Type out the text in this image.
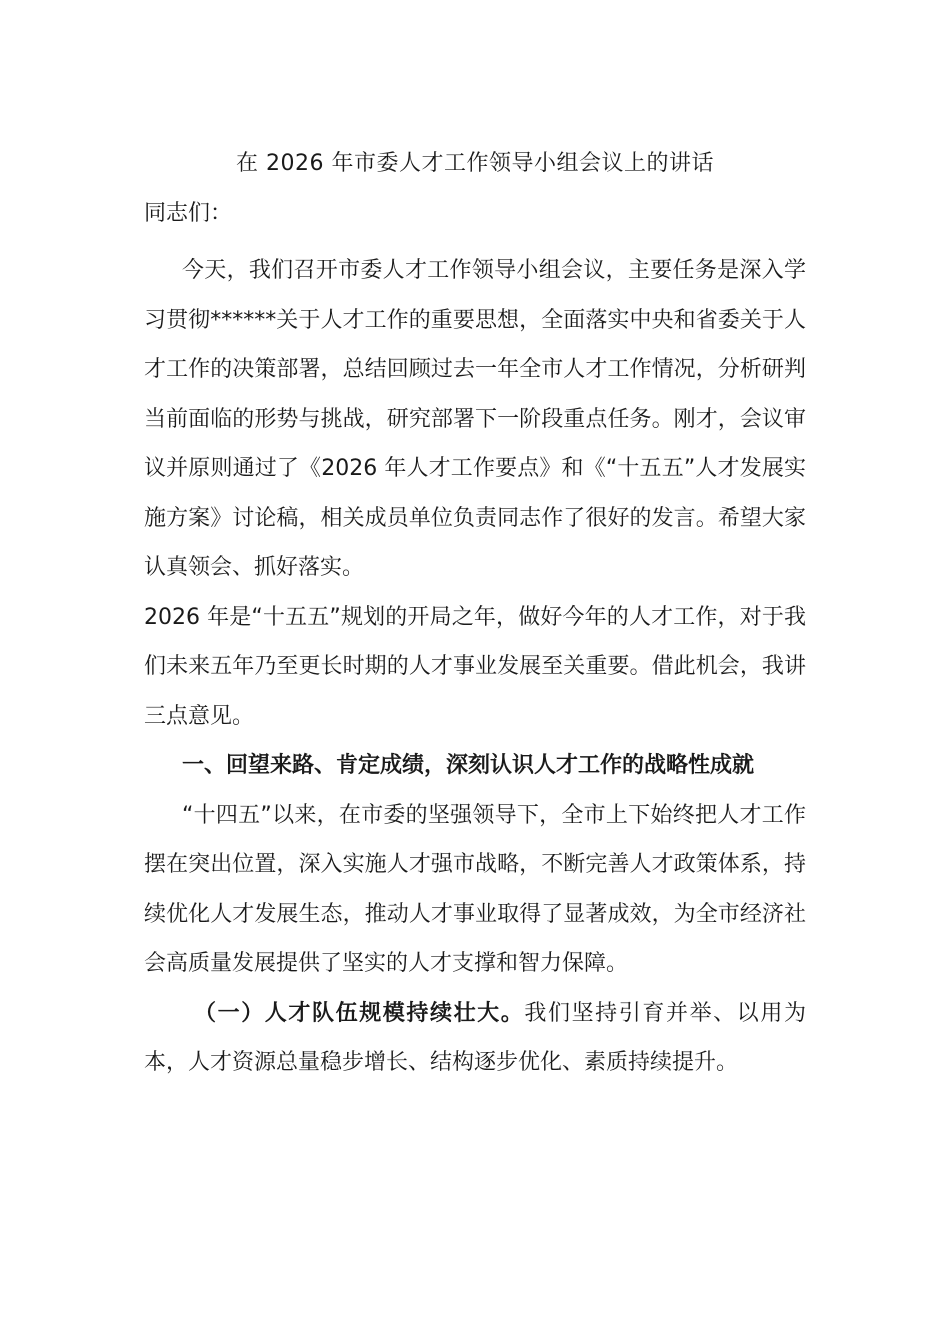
在 2026 年市委人才工作领导小组会议上的讲话

同志们：

今天，我们召开市委人才工作领导小组会议，主要任务是深入学习贯彻******关于人才工作的重要思想，全面落实中央和省委关于人才工作的决策部署，总结回顾过去一年全市人才工作情况，分析研判当前面临的形势与挑战，研究部署下一阶段重点任务。刚才，会议审议并原则通过了《2026 年人才工作要点》和《“十五五”人才发展实施方案》讨论稿，相关成员单位负责同志作了很好的发言。希望大家认真领会、抓好落实。

2026 年是“十五五”规划的开局之年，做好今年的人才工作，对于我们未来五年乃至更长时期的人才事业发展至关重要。借此机会，我讲三点意见。

一、回望来路、肯定成绩，深刻认识人才工作的战略性成就

“十四五”以来，在市委的坚强领导下，全市上下始终把人才工作摆在突出位置，深入实施人才强市战略，不断完善人才政策体系，持续优化人才发展生态，推动人才事业取得了显著成效，为全市经济社会高质量发展提供了坚实的人才支撑和智力保障。

（一）人才队伍规模持续壮大。我们坚持引育并举、以用为本，人才资源总量稳步增长、结构逐步优化、素质持续提升。
